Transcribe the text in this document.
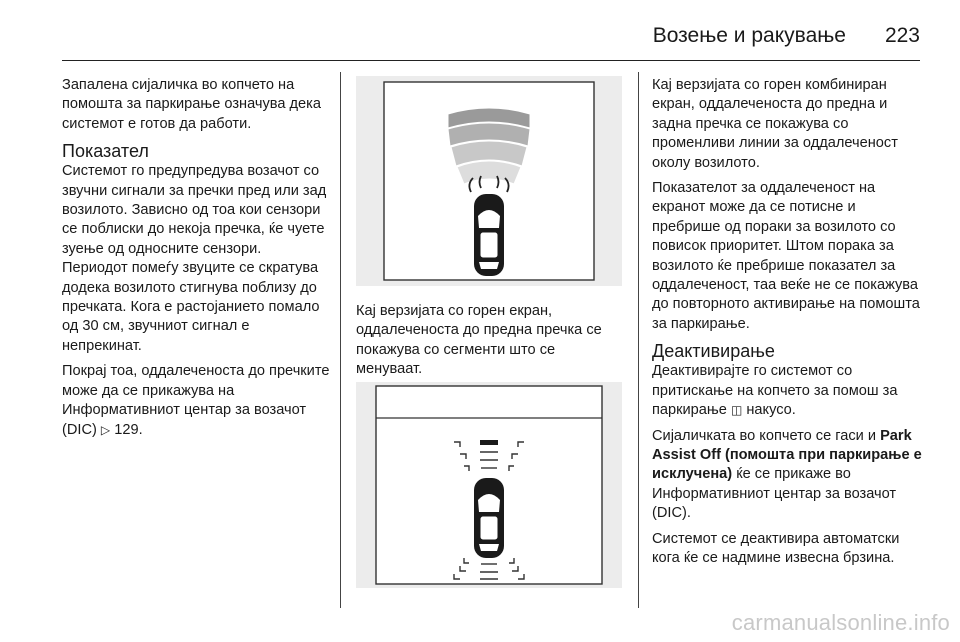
Возење и ракување 223

Запалена сијаличка во копчето на помошта за паркирање означува дека системот е готов да работи.

Показател

Системот го предупредува возачот со звучни сигнали за пречки пред или зад возилото. Зависно од тоа кои сензори се поблиски до некоја пречка, ќе чуете зуење од односните сензори. Периодот помеѓу звуците се скратува додека возилото стигнува поблизу до пречката. Кога е растојанието помало од 30 см, звучниот сигнал е непрекинат.

Покрај тоа, оддалеченоста до пречките може да се прикажува на Информативниот центар за возачот (DIC) ▷ 129.

Кај верзијата со горен екран, оддалеченоста до предна пречка се покажува со сегменти што се менуваат.

Кај верзијата со горен комбиниран екран, оддалеченоста до предна и задна пречка се покажува со променливи линии за оддалеченост околу возилото.

Показателот за оддалеченост на екранот може да се потисне и пребрише од пораки за возилото со повисок приоритет. Штом порака за возилото ќе пребрише показател за оддалеченост, таа веќе не се покажува до повторното активирање на помошта за паркирање.

Деактивирање

Деактивирајте го системот со притискање на копчето за помош за паркирање ◫ накусо.

Сијаличката во копчето се гаси и Park Assist Off (помошта при паркирање е исклучена) ќе се прикаже во Информативниот центар за возачот (DIC).

Системот се деактивира автоматски кога ќе се надмине извесна брзина.

carmanualsonline.info
